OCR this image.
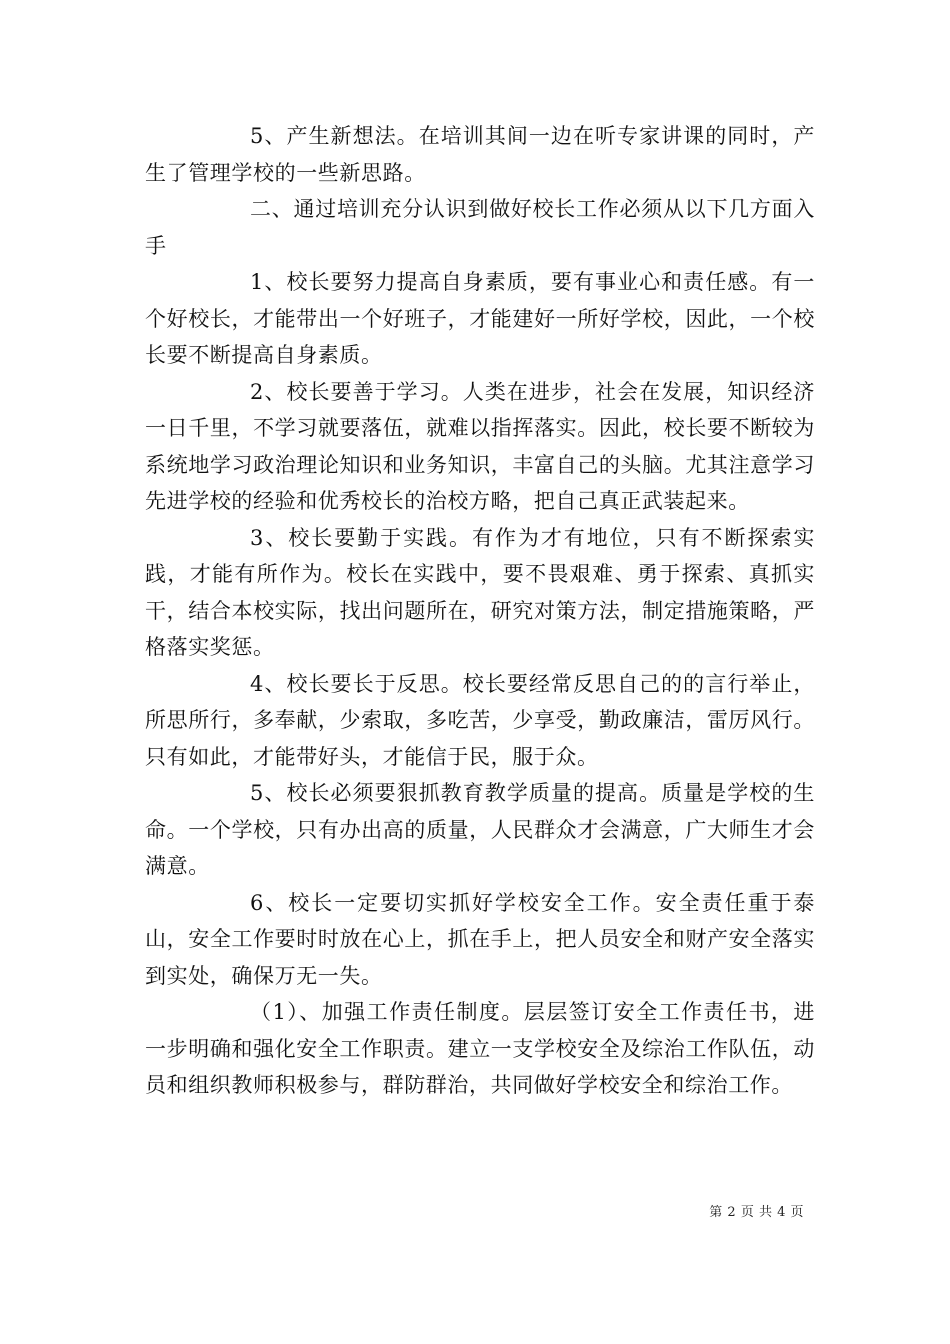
5、产生新想法。在培训其间一边在听专家讲课的同时，产生了管理学校的一些新思路。

二、通过培训充分认识到做好校长工作必须从以下几方面入手

1、校长要努力提高自身素质，要有事业心和责任感。有一个好校长，才能带出一个好班子，才能建好一所好学校，因此，一个校长要不断提高自身素质。

2、校长要善于学习。人类在进步，社会在发展，知识经济一日千里，不学习就要落伍，就难以指挥落实。因此，校长要不断较为系统地学习政治理论知识和业务知识，丰富自己的头脑。尤其注意学习先进学校的经验和优秀校长的治校方略，把自己真正武装起来。

3、校长要勤于实践。有作为才有地位，只有不断探索实践，才能有所作为。校长在实践中，要不畏艰难、勇于探索、真抓实干，结合本校实际，找出问题所在，研究对策方法，制定措施策略，严格落实奖惩。

4、校长要长于反思。校长要经常反思自己的的言行举止，所思所行，多奉献，少索取，多吃苦，少享受，勤政廉洁，雷厉风行。只有如此，才能带好头，才能信于民，服于众。

5、校长必须要狠抓教育教学质量的提高。质量是学校的生命。一个学校，只有办出高的质量，人民群众才会满意，广大师生才会满意。

6、校长一定要切实抓好学校安全工作。安全责任重于泰山，安全工作要时时放在心上，抓在手上，把人员安全和财产安全落实到实处，确保万无一失。

（1）、加强工作责任制度。层层签订安全工作责任书，进一步明确和强化安全工作职责。建立一支学校安全及综治工作队伍，动员和组织教师积极参与，群防群治，共同做好学校安全和综治工作。

第 2 页 共 4 页
